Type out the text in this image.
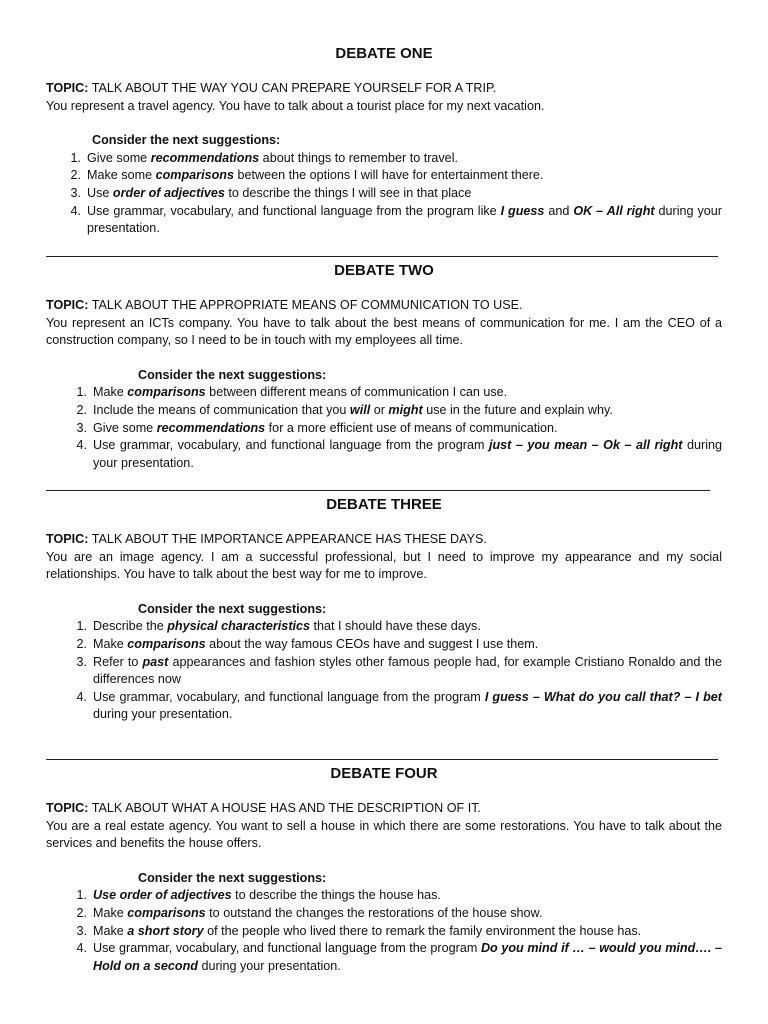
DEBATE ONE

TOPIC: TALK ABOUT THE WAY YOU CAN PREPARE YOURSELF FOR A TRIP.

You represent a travel agency. You have to talk about a tourist place for my next vacation.

Consider the next suggestions:

1. Give some recommendations about things to remember to travel.
2. Make some comparisons between the options I will have for entertainment there.
3. Use order of adjectives to describe the things I will see in that place
4. Use grammar, vocabulary, and functional language from the program like I guess and OK – All right during your presentation.
DEBATE TWO

TOPIC: TALK ABOUT THE APPROPRIATE MEANS OF COMMUNICATION TO USE.

You represent an ICTs company. You have to talk about the best means of communication for me. I am the CEO of a construction company, so I need to be in touch with my employees all time.

Consider the next suggestions:

1. Make comparisons between different means of communication I can use.
2. Include the means of communication that you will or might use in the future and explain why.
3. Give some recommendations for a more efficient use of means of communication.
4. Use grammar, vocabulary, and functional language from the program just – you mean – Ok – all right during your presentation.
DEBATE THREE

TOPIC: TALK ABOUT THE IMPORTANCE APPEARANCE HAS THESE DAYS.

You are an image agency. I am a successful professional, but I need to improve my appearance and my social relationships. You have to talk about the best way for me to improve.

Consider the next suggestions:

1. Describe the physical characteristics that I should have these days.
2. Make comparisons about the way famous CEOs have and suggest I use them.
3. Refer to past appearances and fashion styles other famous people had, for example Cristiano Ronaldo and the differences now
4. Use grammar, vocabulary, and functional language from the program I guess – What do you call that? – I bet during your presentation.
DEBATE FOUR

TOPIC: TALK ABOUT WHAT A HOUSE HAS AND THE DESCRIPTION OF IT.

You are a real estate agency. You want to sell a house in which there are some restorations. You have to talk about the services and benefits the house offers.

Consider the next suggestions:

1. Use order of adjectives to describe the things the house has.
2. Make comparisons to outstand the changes the restorations of the house show.
3. Make a short story of the people who lived there to remark the family environment the house has.
4. Use grammar, vocabulary, and functional language from the program Do you mind if … – would you mind…. – Hold on a second during your presentation.
